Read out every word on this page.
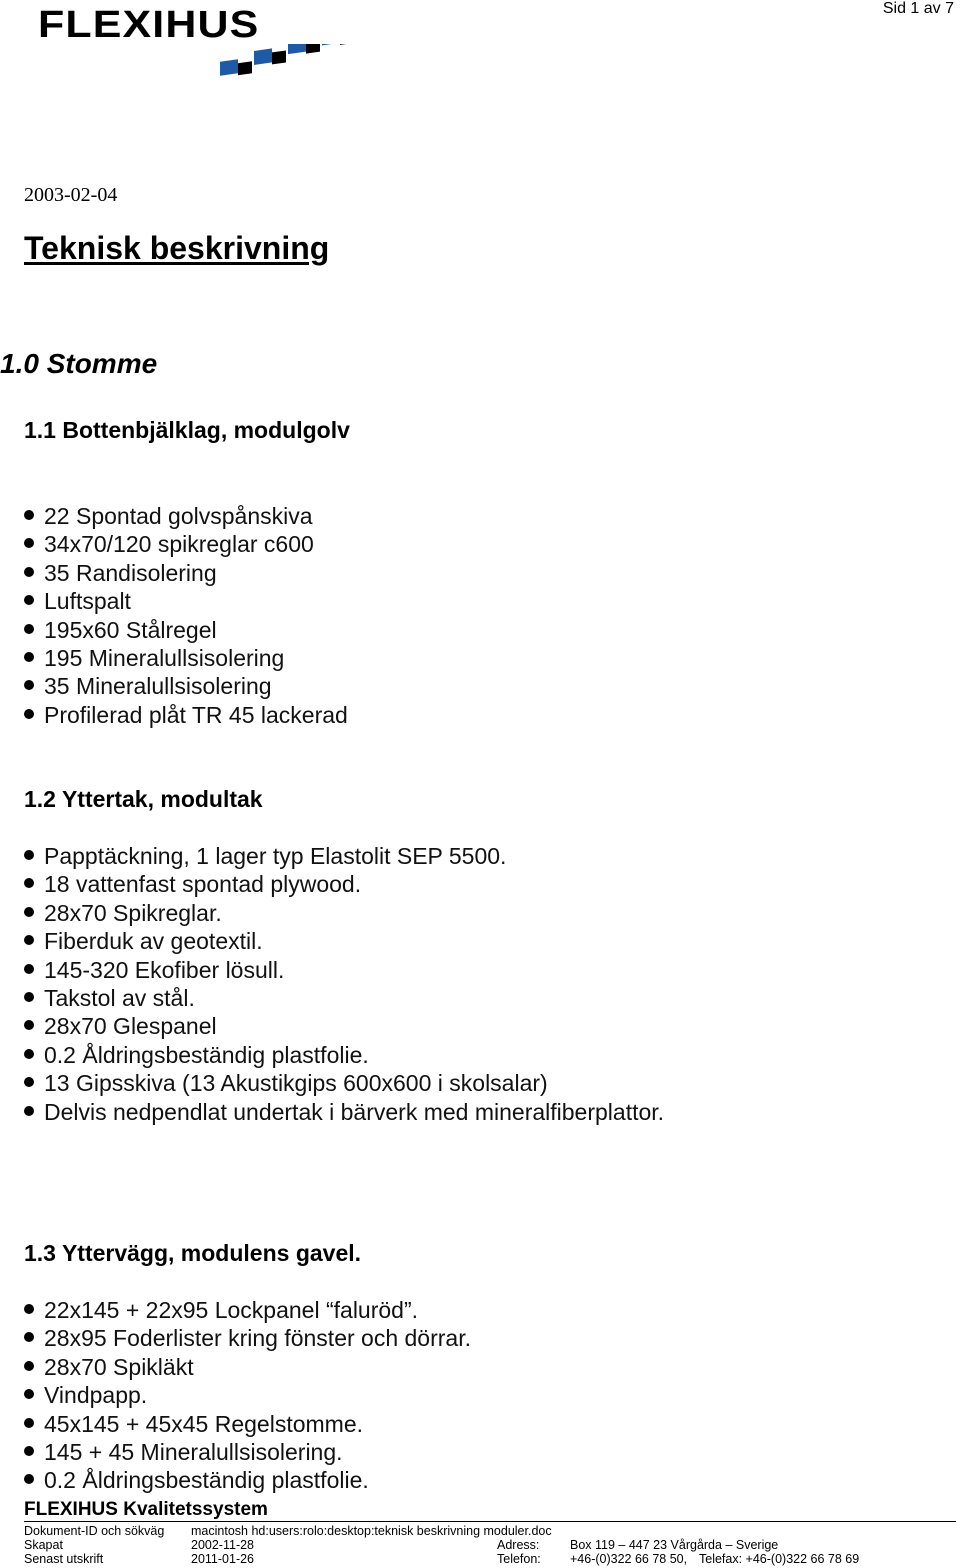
Sid 1 av 7
FLEXIHUS
2003-02-04
Teknisk beskrivning
1.0 Stomme
1.1 Bottenbjälklag, modulgolv
22 Spontad golvspånskiva
34x70/120 spikreglar c600
35 Randisolering
Luftspalt
195x60 Stålregel
195 Mineralullsisolering
35 Mineralullsisolering
Profilerad plåt TR 45 lackerad
1.2 Yttertak, modultak
Papptäckning, 1 lager typ Elastolit SEP 5500.
18 vattenfast spontad plywood.
28x70 Spikreglar.
Fiberduk av geotextil.
145-320 Ekofiber lösull.
Takstol av stål.
28x70 Glespanel
0.2 Åldringsbeständig plastfolie.
13 Gipsskiva (13 Akustikgips 600x600 i skolsalar)
Delvis nedpendlat undertak i bärverk med mineralfiberplattor.
1.3 Yttervägg, modulens gavel.
22x145 + 22x95 Lockpanel “faluröd”.
28x95 Foderlister kring fönster och dörrar.
28x70 Spikläkt
Vindpapp.
45x145 + 45x45 Regelstomme.
145 + 45 Mineralullsisolering.
0.2 Åldringsbeständig plastfolie.
FLEXIHUS Kvalitetssystem
Dokument-ID och sökväg macintosh hd:users:rolo:desktop:teknisk beskrivning moduler.doc
Skapat	2002-11-28	Adress: Box 119 – 447 23 Vårgårda – Sverige
Senast utskrift	2011-01-26	Telefon: +46-(0)322 66 78 50, Telefax: +46-(0)322 66 78 69
